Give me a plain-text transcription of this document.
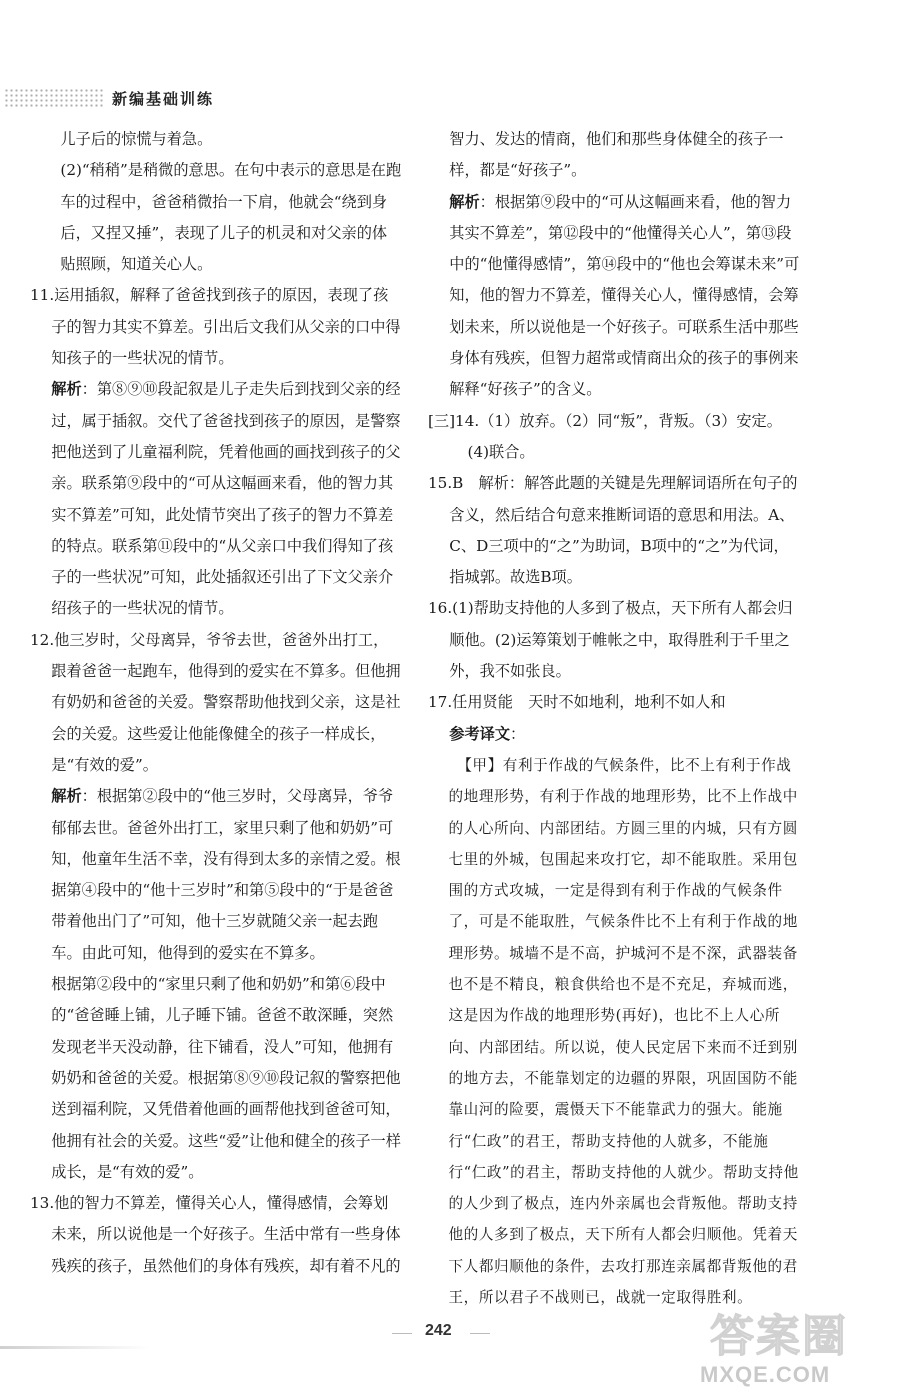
新编基础训练

儿子后的惊慌与着急。

(2)“稍稍”是稍微的意思。在句中表示的意思是在跑车的过程中，爸爸稍微抬一下肩，他就会“绕到身后，又捏又捶”，表现了儿子的机灵和对父亲的体贴照顾，知道关心人。

11.运用插叙，解释了爸爸找到孩子的原因，表现了孩子的智力其实不算差。引出后文我们从父亲的口中得知孩子的一些状况的情节。

解析：第⑧⑨⑩段記叙是儿子走失后到找到父亲的经过，属于插叙。交代了爸爸找到孩子的原因，是警察把他送到了儿童福利院，凭着他画的画找到孩子的父亲。联系第⑨段中的“可从这幅画来看，他的智力其实不算差”可知，此处情节突出了孩子的智力不算差的特点。联系第⑪段中的“从父亲口中我们得知了孩子的一些状况”可知，此处插叙还引出了下文父亲介绍孩子的一些状况的情节。

12.他三岁时，父母离异，爷爷去世，爸爸外出打工，跟着爸爸一起跑车，他得到的爱实在不算多。但他拥有奶奶和爸爸的关爱。警察帮助他找到父亲，这是社会的关爱。这些爱让他能像健全的孩子一样成长，是“有效的爱”。

解析：根据第②段中的“他三岁时，父母离异，爷爷郁郁去世。爸爸外出打工，家里只剩了他和奶奶”可知，他童年生活不幸，没有得到太多的亲情之爱。根据第④段中的“他十三岁时”和第⑤段中的“于是爸爸带着他出门了”可知，他十三岁就随父亲一起去跑车。由此可知，他得到的爱实在不算多。

根据第②段中的“家里只剩了他和奶奶”和第⑥段中的“爸爸睡上铺，儿子睡下铺。爸爸不敢深睡，突然发现老半天没动静，往下铺看，没人”可知，他拥有奶奶和爸爸的关爱。根据第⑧⑨⑩段记叙的警察把他送到福利院，又凭借着他画的画帮他找到爸爸可知，他拥有社会的关爱。这些“爱”让他和健全的孩子一样成长，是“有效的爱”。

13.他的智力不算差，懂得关心人，懂得感情，会筹划未来，所以说他是一个好孩子。生活中常有一些身体残疾的孩子，虽然他们的身体有残疾，却有着不凡的

智力、发达的情商，他们和那些身体健全的孩子一样，都是“好孩子”。

解析：根据第⑨段中的“可从这幅画来看，他的智力其实不算差”，第⑫段中的“他懂得关心人”，第⑬段中的“他懂得感情”，第⑭段中的“他也会筹谋未来”可知，他的智力不算差，懂得关心人，懂得感情，会筹划未来，所以说他是一个好孩子。可联系生活中那些身体有残疾，但智力超常或情商出众的孩子的事例来解释“好孩子”的含义。

[三]14.（1）放弃。（2）同“叛”，背叛。（3）安定。(4)联合。

15.B　解析：解答此题的关键是先理解词语所在句子的含义，然后结合句意来推断词语的意思和用法。A、C、D三项中的“之”为助词，B项中的“之”为代词，指城郭。故选B项。

16.(1)帮助支持他的人多到了极点，天下所有人都会归顺他。(2)运筹策划于帷帐之中，取得胜利于千里之外，我不如张良。

17.任用贤能　天时不如地利，地利不如人和

参考译文：

【甲】有利于作战的气候条件，比不上有利于作战的地理形势，有利于作战的地理形势，比不上作战中的人心所向、内部团结。方圆三里的内城，只有方圆七里的外城，包围起来攻打它，却不能取胜。采用包围的方式攻城，一定是得到有利于作战的气候条件了，可是不能取胜，气候条件比不上有利于作战的地理形势。城墙不是不高，护城河不是不深，武器装备也不是不精良，粮食供给也不是不充足，弃城而逃，这是因为作战的地理形势(再好)，也比不上人心所向、内部团结。所以说，使人民定居下来而不迁到别的地方去，不能靠划定的边疆的界限，巩固国防不能靠山河的险要，震慑天下不能靠武力的强大。能施行“仁政”的君王，帮助支持他的人就多，不能施行“仁政”的君主，帮助支持他的人就少。帮助支持他的人少到了极点，连内外亲属也会背叛他。帮助支持他的人多到了极点，天下所有人都会归顺他。凭着天下人都归顺他的条件，去攻打那连亲属都背叛他的君王，所以君子不战则已，战就一定取得胜利。

242	答案圈
MXQE.COM
